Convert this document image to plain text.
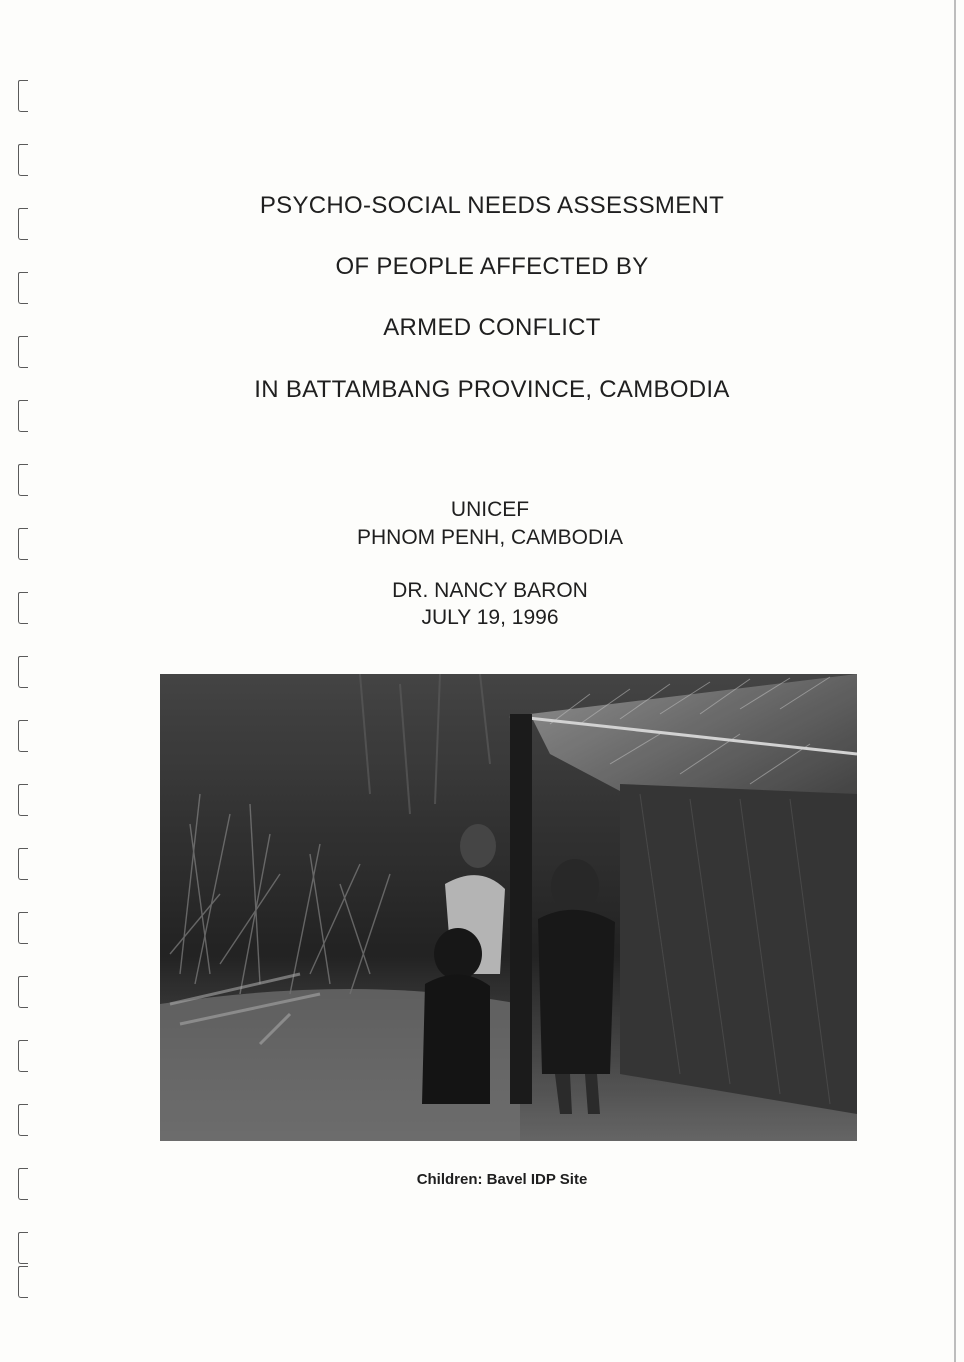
PSYCHO-SOCIAL NEEDS ASSESSMENT
OF PEOPLE AFFECTED BY
ARMED CONFLICT
IN BATTAMBANG PROVINCE, CAMBODIA
UNICEF
PHNOM PENH, CAMBODIA
DR. NANCY BARON
JULY 19, 1996
Children: Bavel IDP Site
